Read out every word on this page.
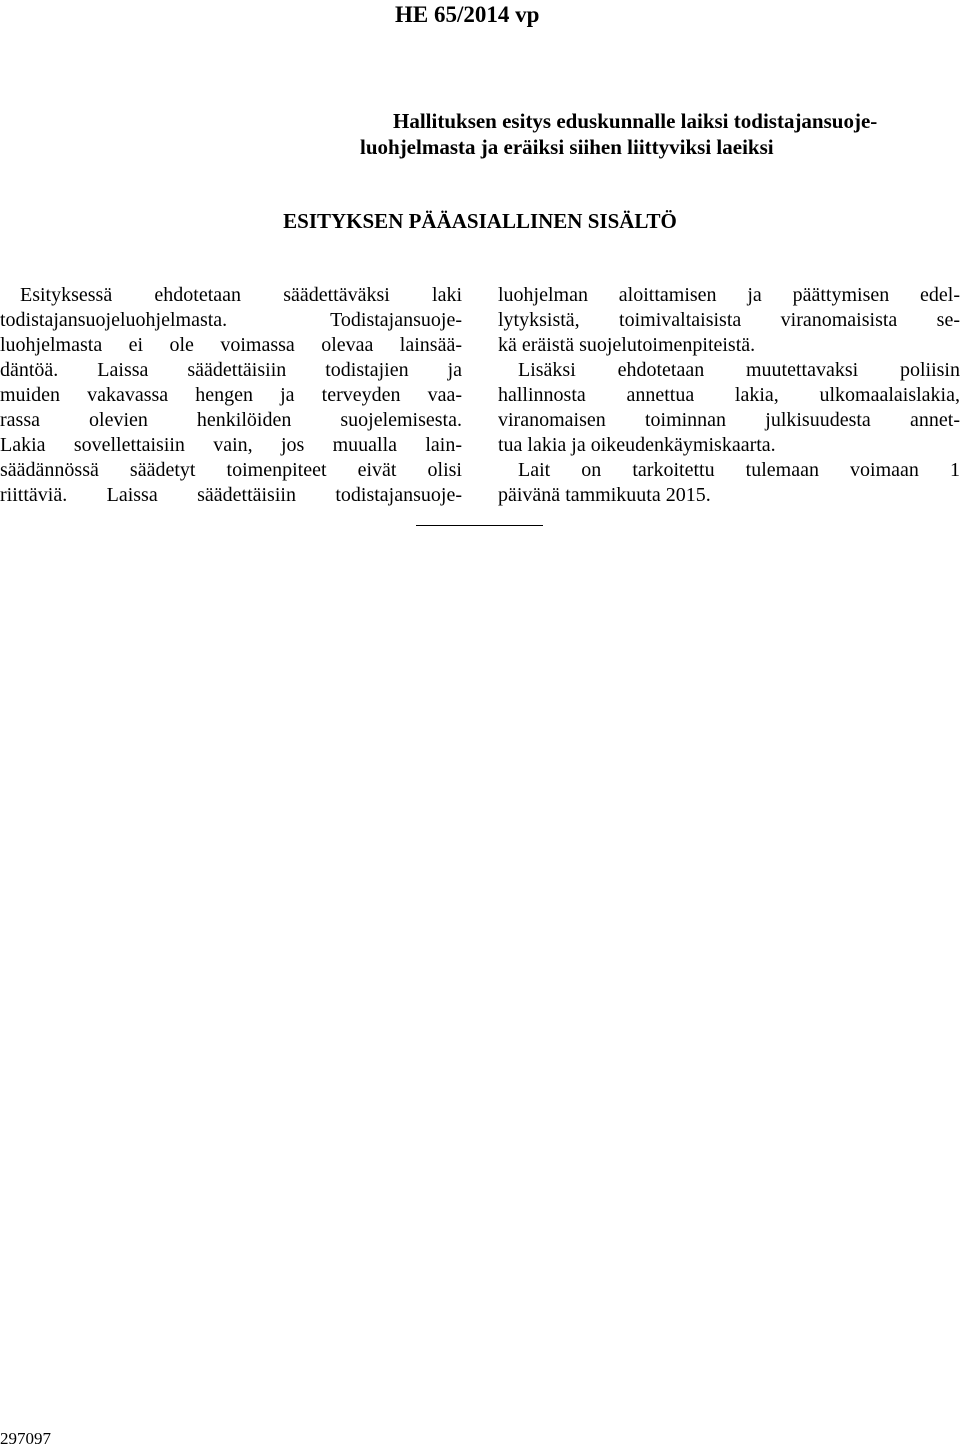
HE 65/2014 vp
Hallituksen esitys eduskunnalle laiksi todistajansuoje-
luohjelmasta ja eräiksi siihen liittyviksi laeiksi
ESITYKSEN PÄÄASIALLINEN SISÄLTÖ
Esityksessä ehdotetaan säädettäväksi laki
todistajansuojeluohjelmasta. Todistajansuoje-
luohjelmasta ei ole voimassa olevaa lainsää-
däntöä. Laissa säädettäisiin todistajien ja
muiden vakavassa hengen ja terveyden vaa-
rassa olevien henkilöiden suojelemisesta.
Lakia sovellettaisiin vain, jos muualla lain-
säädännössä säädetyt toimenpiteet eivät olisi
riittäviä. Laissa säädettäisiin todistajansuoje-
luohjelman aloittamisen ja päättymisen edel-
lytyksistä, toimivaltaisista viranomaisista se-
kä eräistä suojelutoimenpiteistä.
Lisäksi ehdotetaan muutettavaksi poliisin
hallinnosta annettua lakia, ulkomaalaislakia,
viranomaisen toiminnan julkisuudesta annet-
tua lakia ja oikeudenkäymiskaarta.
Lait on tarkoitettu tulemaan voimaan 1
päivänä tammikuuta 2015.
297097
